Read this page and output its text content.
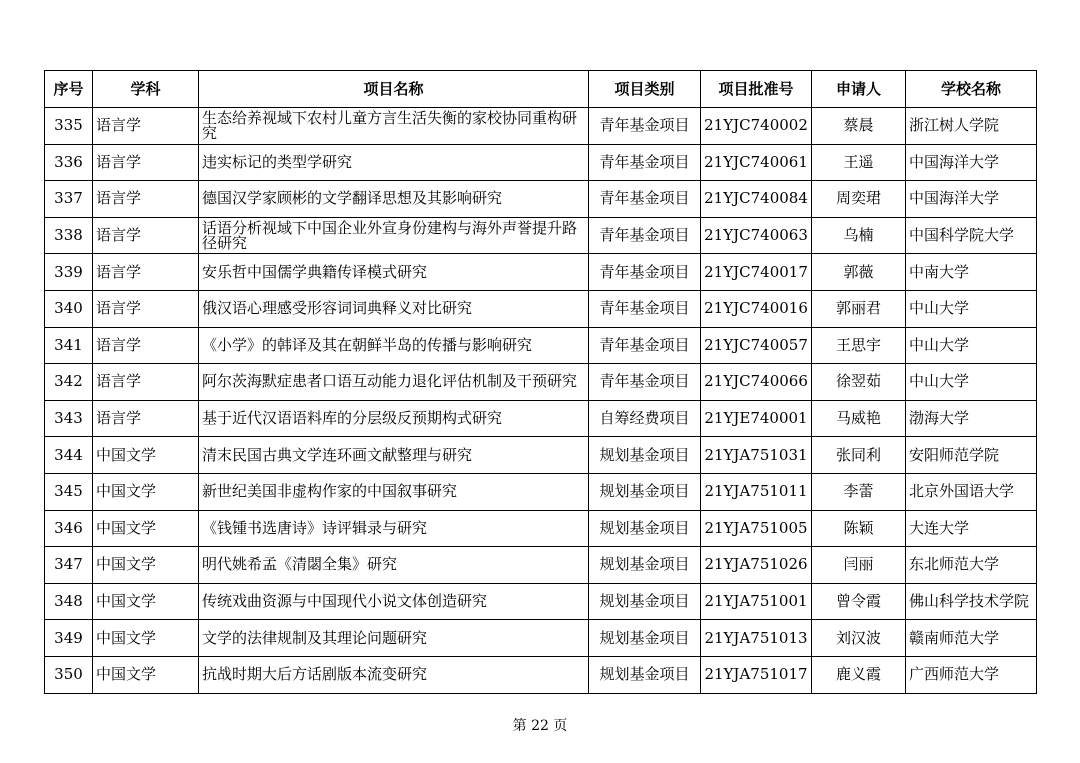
序号	学科	项目名称	项目类别	项目批准号	申请人	学校名称
335	语言学	生态给养视域下农村儿童方言生活失衡的家校协同重构研究	青年基金项目	21YJC740002	蔡晨	浙江树人学院
336	语言学	违实标记的类型学研究	青年基金项目	21YJC740061	王遥	中国海洋大学
337	语言学	德国汉学家顾彬的文学翻译思想及其影响研究	青年基金项目	21YJC740084	周奕珺	中国海洋大学
338	语言学	话语分析视域下中国企业外宣身份建构与海外声誉提升路径研究	青年基金项目	21YJC740063	乌楠	中国科学院大学
339	语言学	安乐哲中国儒学典籍传译模式研究	青年基金项目	21YJC740017	郭薇	中南大学
340	语言学	俄汉语心理感受形容词词典释义对比研究	青年基金项目	21YJC740016	郭丽君	中山大学
341	语言学	《小学》的韩译及其在朝鲜半岛的传播与影响研究	青年基金项目	21YJC740057	王思宇	中山大学
342	语言学	阿尔茨海默症患者口语互动能力退化评估机制及干预研究	青年基金项目	21YJC740066	徐翌茹	中山大学
343	语言学	基于近代汉语语料库的分层级反预期构式研究	自筹经费项目	21YJE740001	马威艳	渤海大学
344	中国文学	清末民国古典文学连环画文献整理与研究	规划基金项目	21YJA751031	张同利	安阳师范学院
345	中国文学	新世纪美国非虚构作家的中国叙事研究	规划基金项目	21YJA751011	李蕾	北京外国语大学
346	中国文学	《钱锺书选唐诗》诗评辑录与研究	规划基金项目	21YJA751005	陈颖	大连大学
347	中国文学	明代姚希孟《清閟全集》研究	规划基金项目	21YJA751026	闫丽	东北师范大学
348	中国文学	传统戏曲资源与中国现代小说文体创造研究	规划基金项目	21YJA751001	曾令霞	佛山科学技术学院
349	中国文学	文学的法律规制及其理论问题研究	规划基金项目	21YJA751013	刘汉波	赣南师范大学
350	中国文学	抗战时期大后方话剧版本流变研究	规划基金项目	21YJA751017	鹿义霞	广西师范大学
第 22 页
